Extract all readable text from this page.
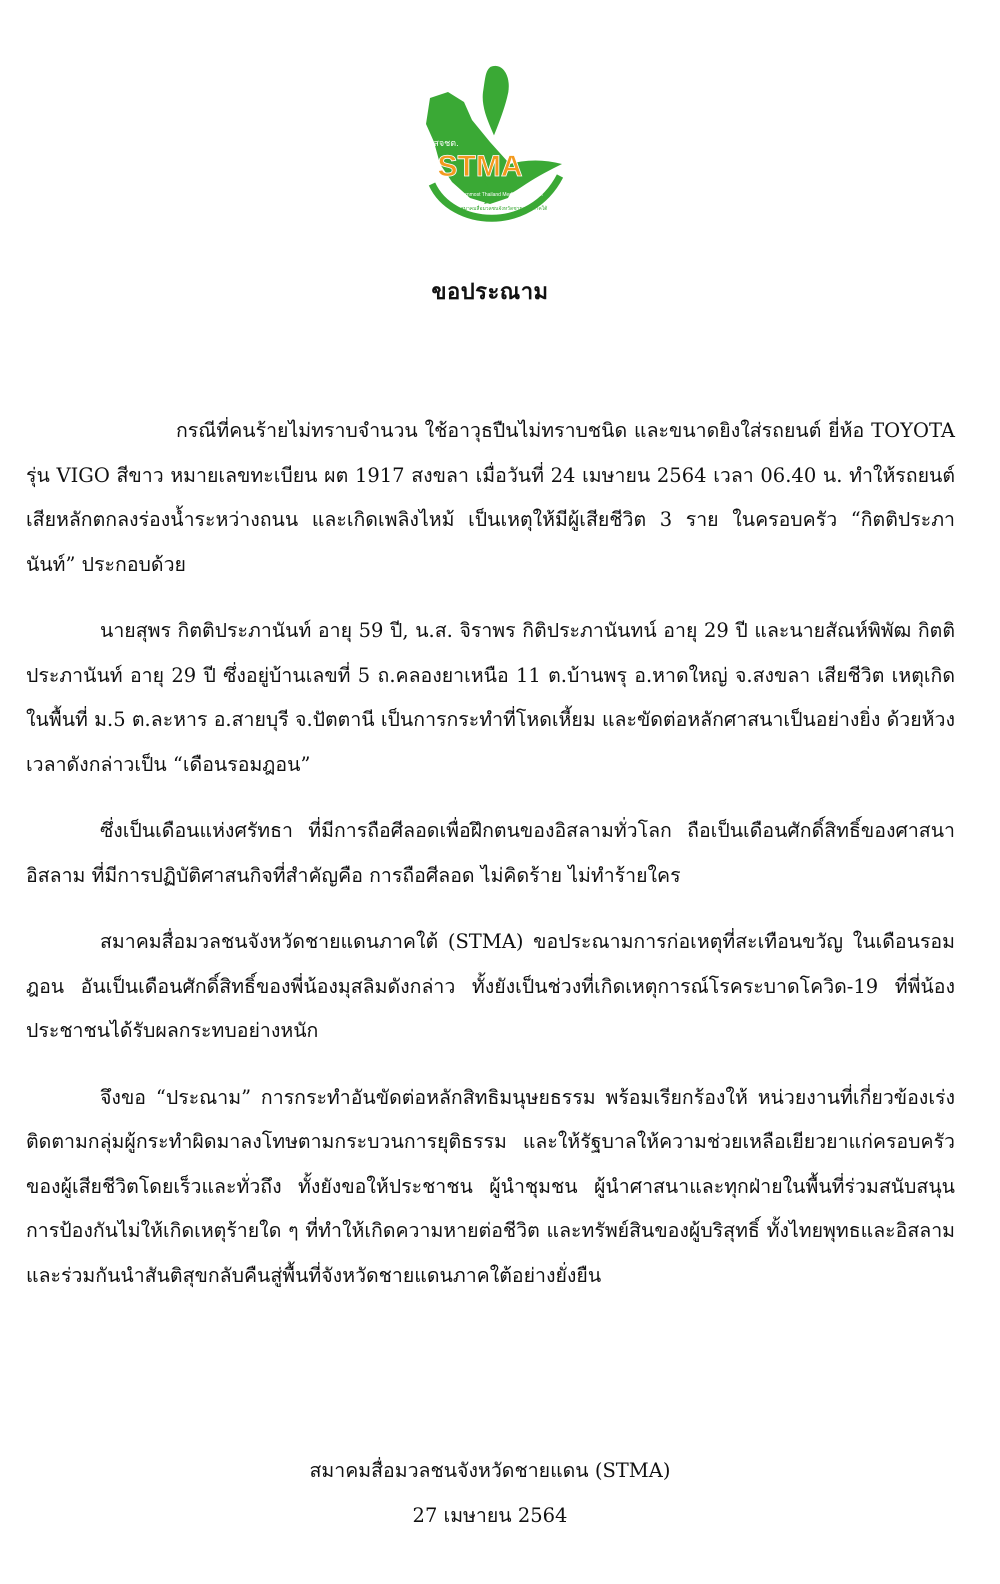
STMA
สจชต.
Southernmost Thailand Media Association
สมาคมสื่อมวลชนจังหวัดชายแดนภาคใต้
ขอประณาม

กรณีที่คนร้ายไม่ทราบจำนวน ใช้อาวุธปืนไม่ทราบชนิด และขนาดยิงใส่รถยนต์ ยี่ห้อ TOYOTA รุ่น VIGO สีขาว หมายเลขทะเบียน ผต 1917 สงขลา เมื่อวันที่ 24 เมษายน 2564 เวลา 06.40 น. ทำให้รถยนต์เสียหลักตกลงร่องน้ำระหว่างถนน และเกิดเพลิงไหม้ เป็นเหตุให้มีผู้เสียชีวิต 3 ราย ในครอบครัว “กิตติประภานันท์” ประกอบด้วย

นายสุพร กิตติประภานันท์ อายุ 59 ปี, น.ส. จิราพร กิติประภานันทน์ อายุ 29 ปี และนายสัณห์พิพัฒ กิตติประภานันท์ อายุ 29 ปี ซึ่งอยู่บ้านเลขที่ 5 ถ.คลองยาเหนือ 11 ต.บ้านพรุ อ.หาดใหญ่ จ.สงขลา เสียชีวิต เหตุเกิดในพื้นที่ ม.5 ต.ละหาร อ.สายบุรี จ.ปัตตานี เป็นการกระทำที่โหดเหี้ยม และขัดต่อหลักศาสนาเป็นอย่างยิ่ง ด้วยห้วงเวลาดังกล่าวเป็น “เดือนรอมฎอน”

ซึ่งเป็นเดือนแห่งศรัทธา ที่มีการถือศีลอดเพื่อฝึกตนของอิสลามทั่วโลก ถือเป็นเดือนศักดิ์สิทธิ์ของศาสนาอิสลาม ที่มีการปฏิบัติศาสนกิจที่สำคัญคือ การถือศีลอด ไม่คิดร้าย ไม่ทำร้ายใคร

สมาคมสื่อมวลชนจังหวัดชายแดนภาคใต้ (STMA) ขอประณามการก่อเหตุที่สะเทือนขวัญ ในเดือนรอมฎอน อันเป็นเดือนศักดิ์สิทธิ์ของพี่น้องมุสลิมดังกล่าว ทั้งยังเป็นช่วงที่เกิดเหตุการณ์โรคระบาดโควิด-19 ที่พี่น้องประชาชนได้รับผลกระทบอย่างหนัก

จึงขอ “ประณาม” การกระทำอันขัดต่อหลักสิทธิมนุษยธรรม พร้อมเรียกร้องให้ หน่วยงานที่เกี่ยวข้องเร่งติดตามกลุ่มผู้กระทำผิดมาลงโทษตามกระบวนการยุติธรรม และให้รัฐบาลให้ความช่วยเหลือเยียวยาแก่ครอบครัวของผู้เสียชีวิตโดยเร็วและทั่วถึง ทั้งยังขอให้ประชาชน ผู้นำชุมชน ผู้นำศาสนาและทุกฝ่ายในพื้นที่ร่วมสนับสนุนการป้องกันไม่ให้เกิดเหตุร้ายใด ๆ ที่ทำให้เกิดความหายต่อชีวิต และทรัพย์สินของผู้บริสุทธิ์ ทั้งไทยพุทธและอิสลาม และร่วมกันนำสันติสุขกลับคืนสู่พื้นที่จังหวัดชายแดนภาคใต้อย่างยั่งยืน

สมาคมสื่อมวลชนจังหวัดชายแดน (STMA)
27 เมษายน 2564
